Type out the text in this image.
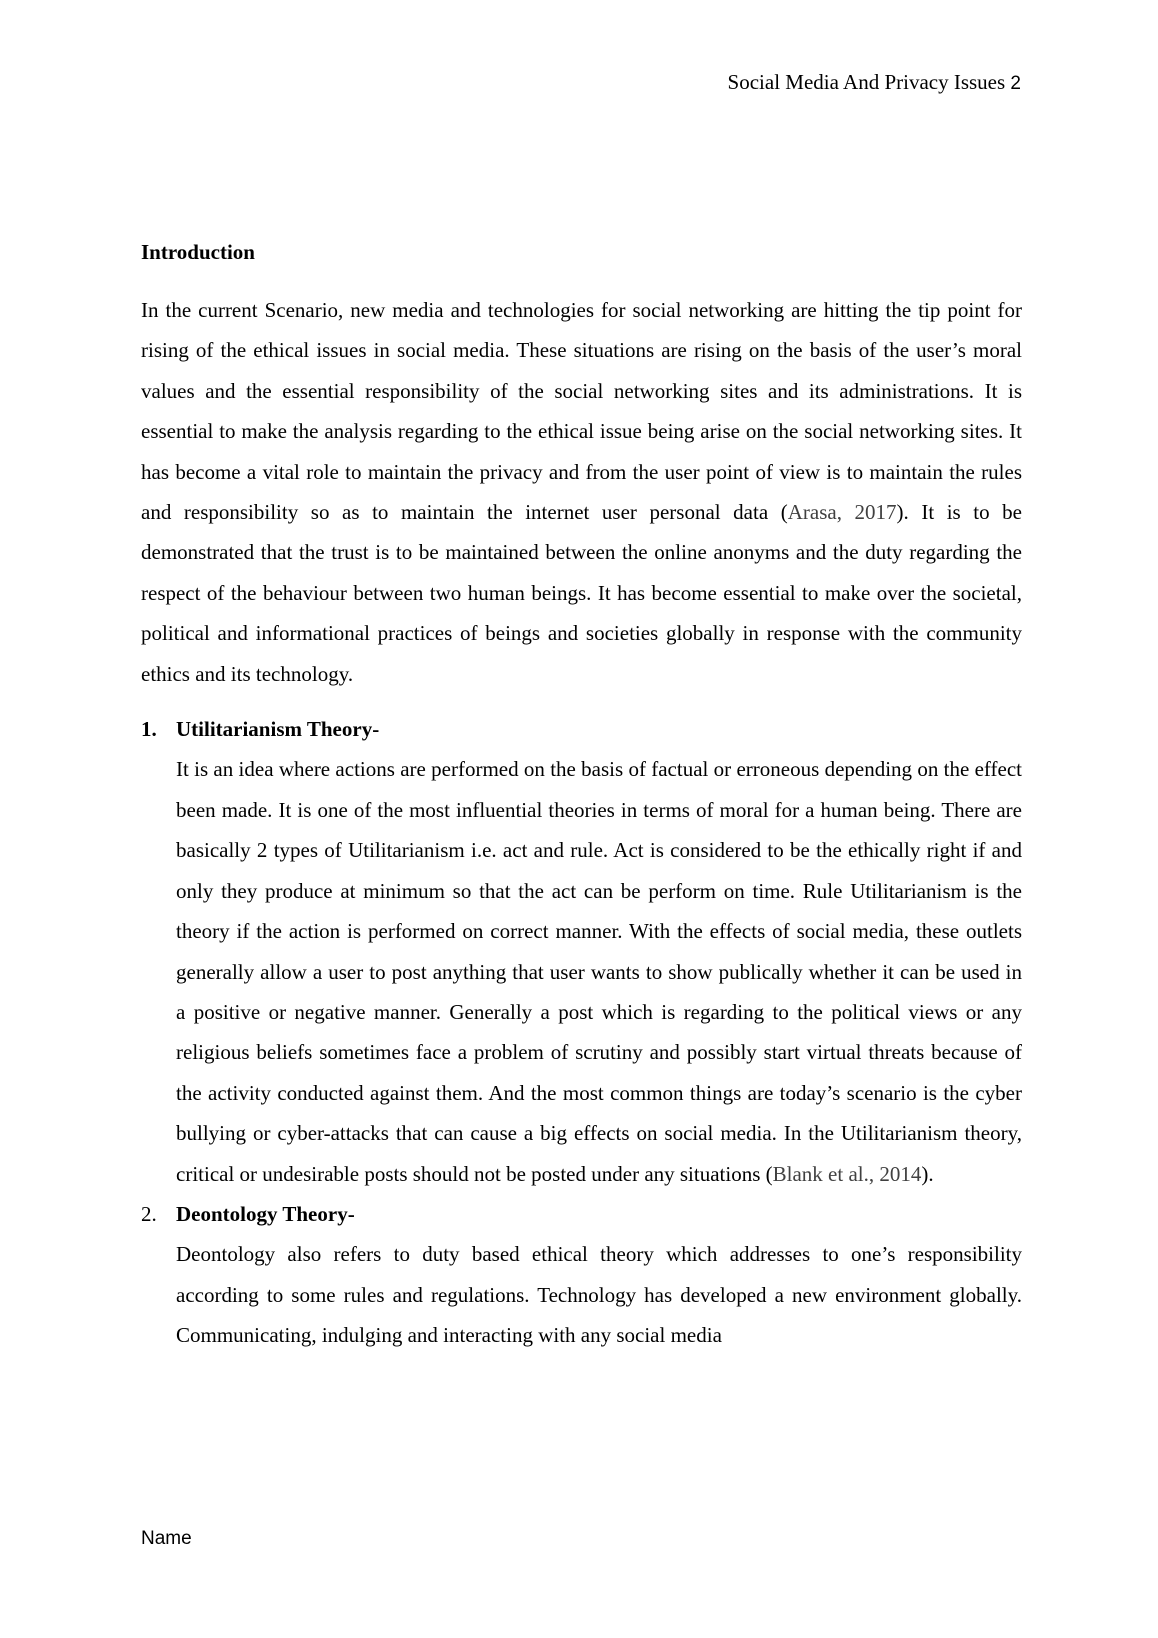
Social Media And Privacy Issues 2
Introduction

In the current Scenario, new media and technologies for social networking are hitting the tip point for rising of the ethical issues in social media. These situations are rising on the basis of the user’s moral values and the essential responsibility of the social networking sites and its administrations. It is essential to make the analysis regarding to the ethical issue being arise on the social networking sites. It has become a vital role to maintain the privacy and from the user point of view is to maintain the rules and responsibility so as to maintain the internet user personal data (Arasa, 2017). It is to be demonstrated that the trust is to be maintained between the online anonyms and the duty regarding the respect of the behaviour between two human beings. It has become essential to make over the societal, political and informational practices of beings and societies globally in response with the community ethics and its technology.

1. Utilitarianism Theory-

It is an idea where actions are performed on the basis of factual or erroneous depending on the effect been made. It is one of the most influential theories in terms of moral for a human being. There are basically 2 types of Utilitarianism i.e. act and rule. Act is considered to be the ethically right if and only they produce at minimum so that the act can be perform on time. Rule Utilitarianism is the theory if the action is performed on correct manner. With the effects of social media, these outlets generally allow a user to post anything that user wants to show publically whether it can be used in a positive or negative manner. Generally a post which is regarding to the political views or any religious beliefs sometimes face a problem of scrutiny and possibly start virtual threats because of the activity conducted against them. And the most common things are today’s scenario is the cyber bullying or cyber-attacks that can cause a big effects on social media. In the Utilitarianism theory, critical or undesirable posts should not be posted under any situations (Blank et al., 2014).

2. Deontology Theory-

Deontology also refers to duty based ethical theory which addresses to one’s responsibility according to some rules and regulations. Technology has developed a new environment globally. Communicating, indulging and interacting with any social media

Name
